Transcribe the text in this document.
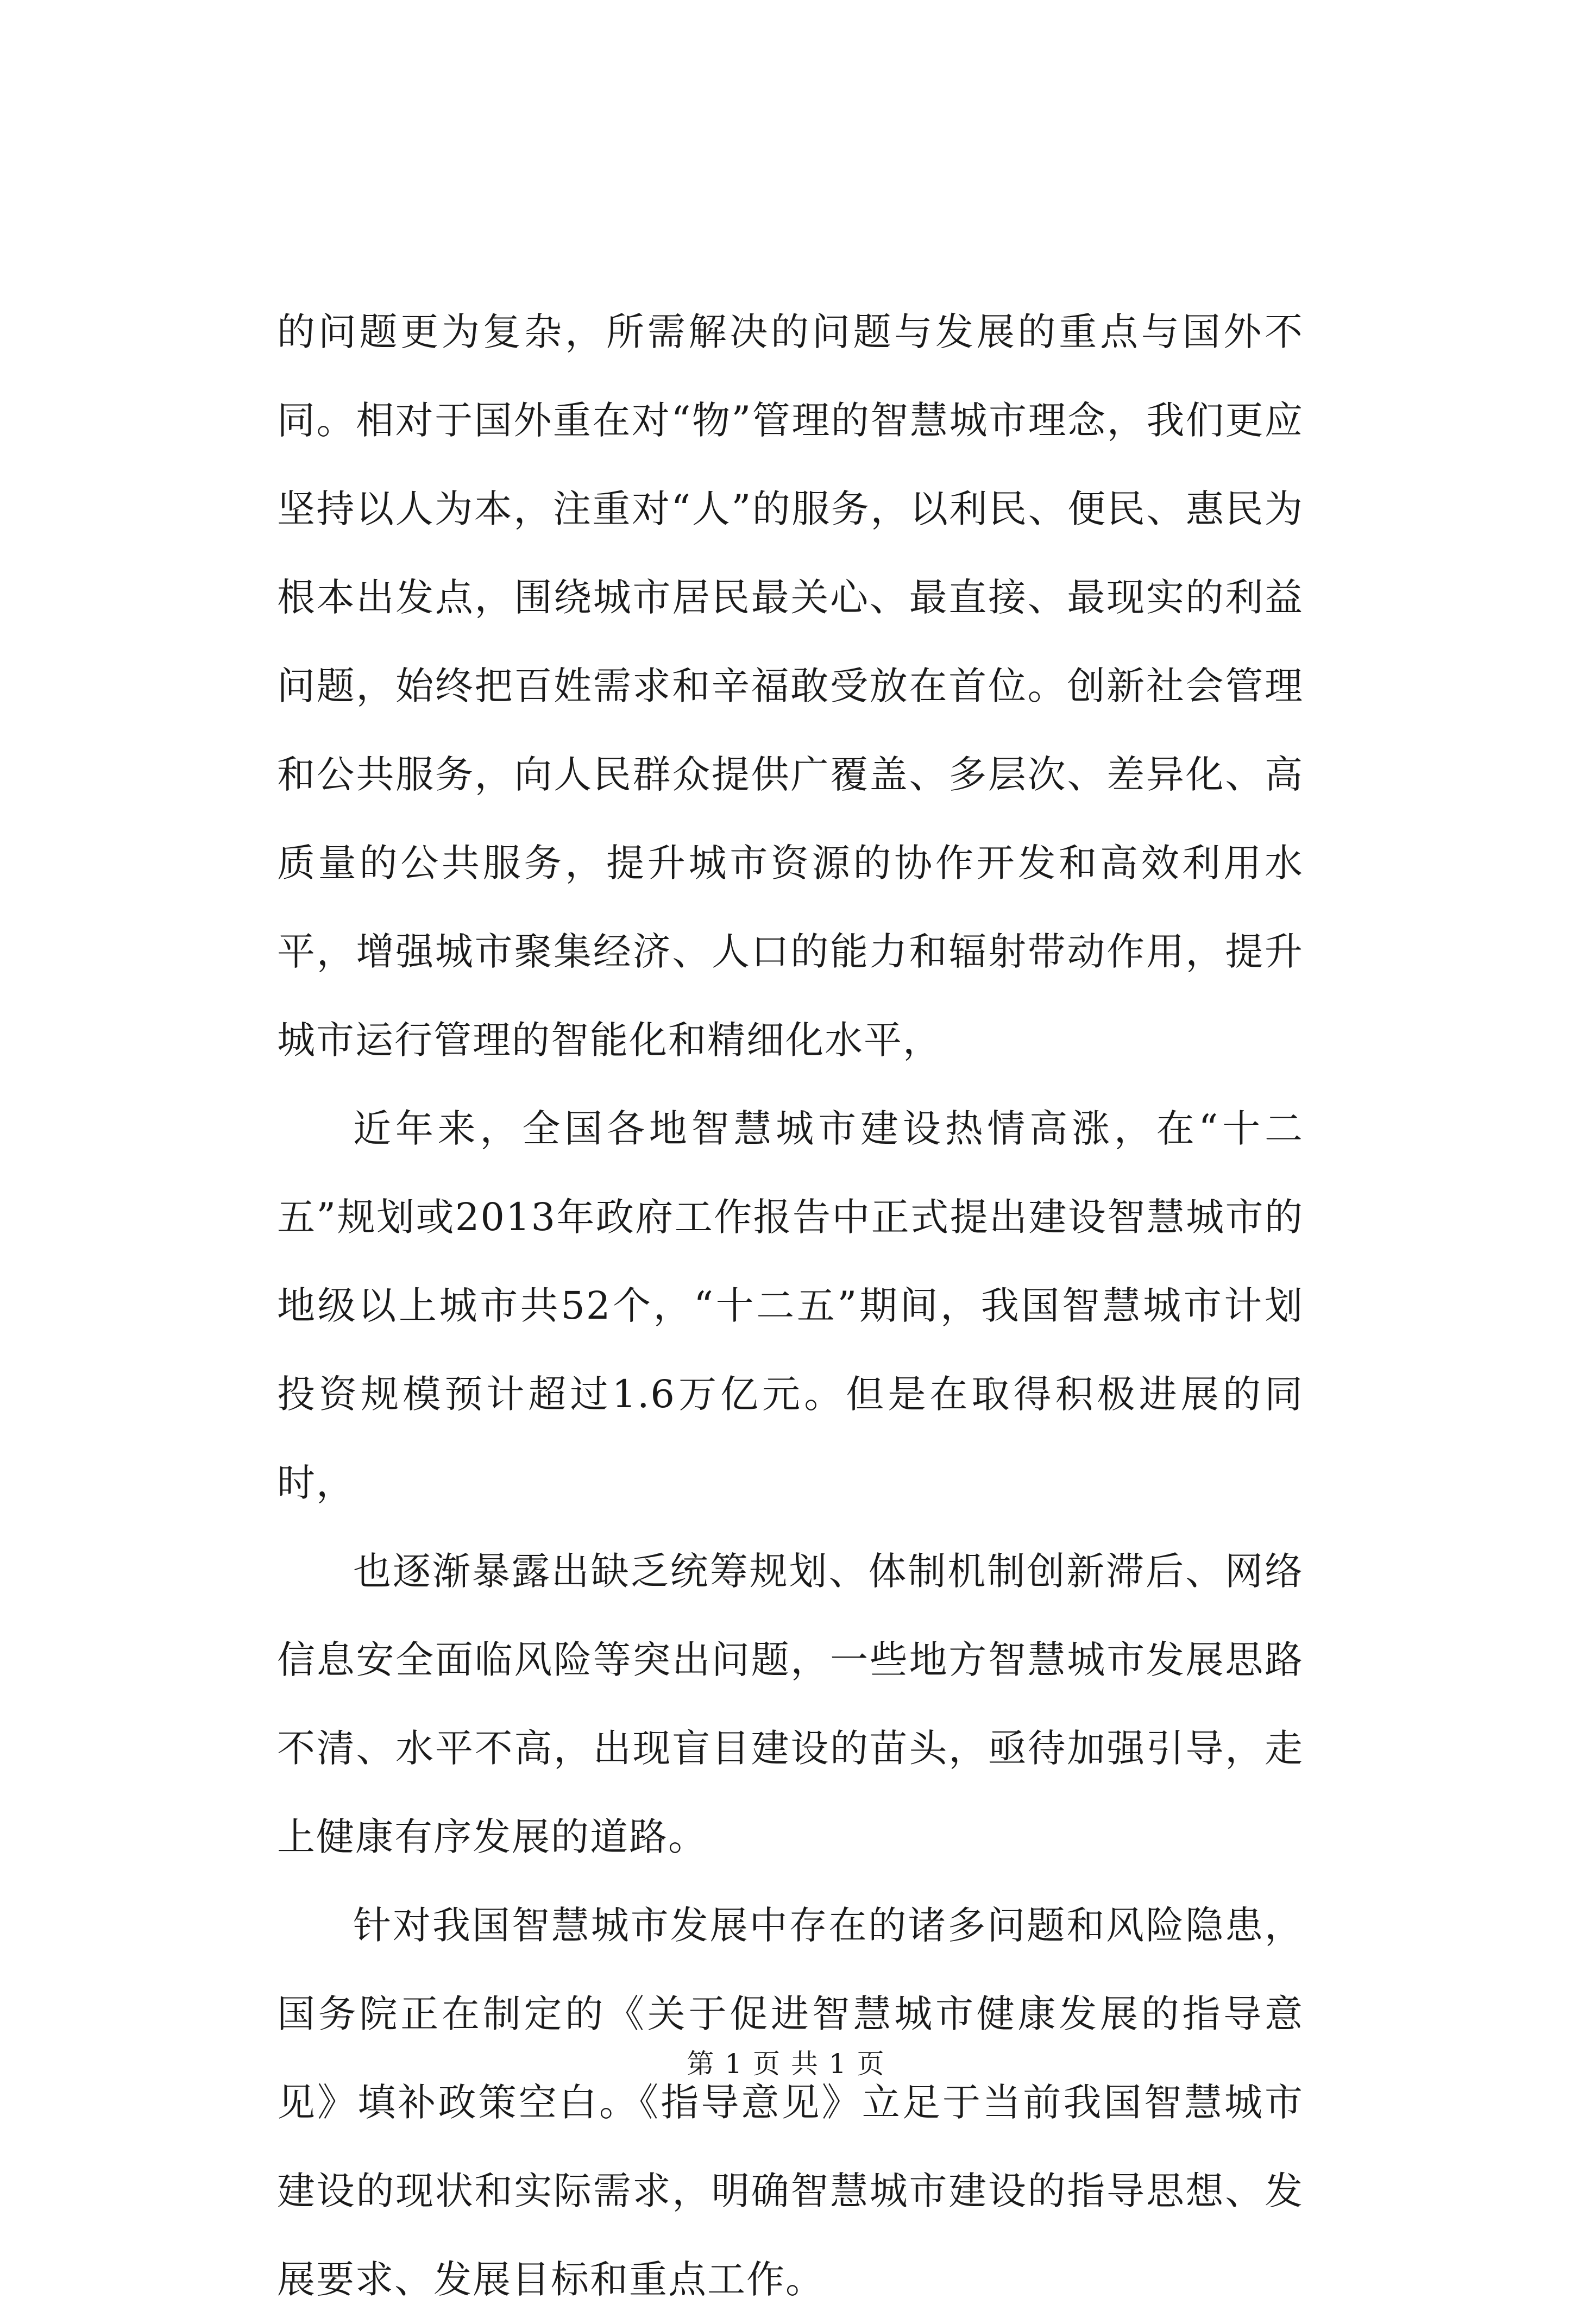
的问题更为复杂，所需解决的问题与发展的重点与国外不同。相对于国外重在对“物”管理的智慧城市理念，我们更应坚持以人为本，注重对“人”的服务，以利民、便民、惠民为根本出发点，围绕城市居民最关心、最直接、最现实的利益问题，始终把百姓需求和辛福敢受放在首位。创新社会管理和公共服务，向人民群众提供广覆盖、多层次、差异化、高质量的公共服务，提升城市资源的协作开发和高效利用水平，增强城市聚集经济、人口的能力和辐射带动作用，提升城市运行管理的智能化和精细化水平，

近年来，全国各地智慧城市建设热情高涨，在“十二五”规划或2013年政府工作报告中正式提出建设智慧城市的地级以上城市共52个，“十二五”期间，我国智慧城市计划投资规模预计超过1.6万亿元。但是在取得积极进展的同时，

也逐渐暴露出缺乏统筹规划、体制机制创新滞后、网络信息安全面临风险等突出问题，一些地方智慧城市发展思路不清、水平不高，出现盲目建设的苗头，亟待加强引导，走上健康有序发展的道路。

针对我国智慧城市发展中存在的诸多问题和风险隐患，国务院正在制定的《关于促进智慧城市健康发展的指导意见》填补政策空白。《指导意见》立足于当前我国智慧城市建设的现状和实际需求，明确智慧城市建设的指导思想、发展要求、发展目标和重点工作。

第 1 页 共 1 页
